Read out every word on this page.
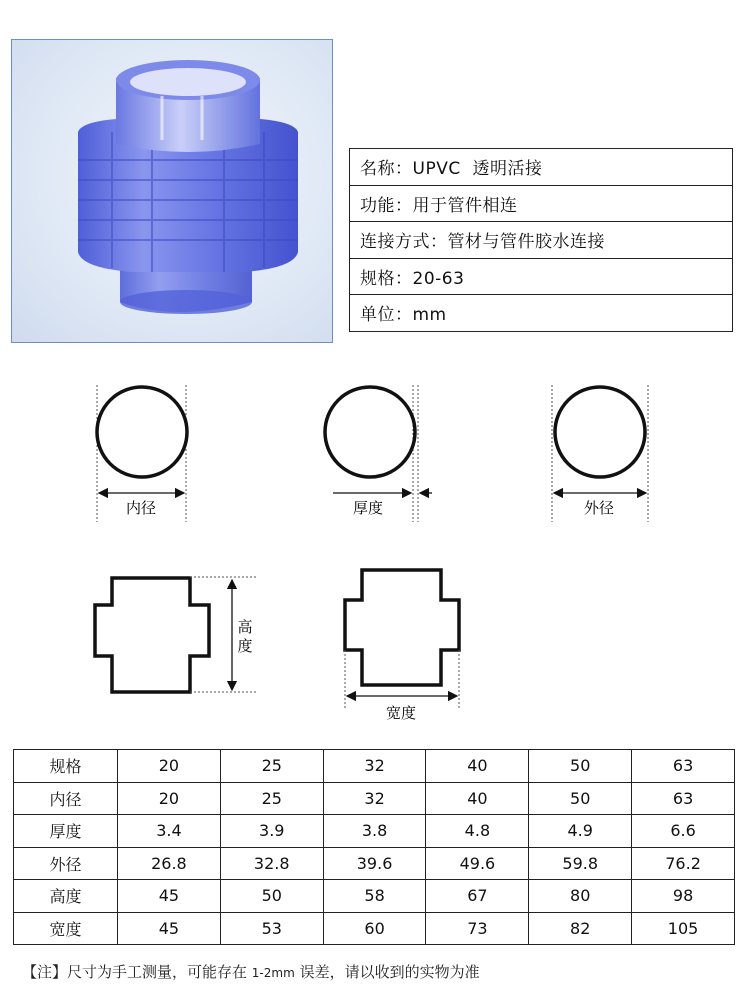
名称：UPVC  透明活接
功能：用于管件相连
连接方式：管材与管件胶水连接
规格：20-63
单位：mm
内径	厚度	外径
高
度
宽度
规格	20	25	32	40	50	63
内径	20	25	32	40	50	63
厚度	3.4	3.9	3.8	4.8	4.9	6.6
外径	26.8	32.8	39.6	49.6	59.8	76.2
高度	45	50	58	67	80	98
宽度	45	53	60	73	82	105
【注】尺寸为手工测量，可能存在 1-2mm 误差，请以收到的实物为准
